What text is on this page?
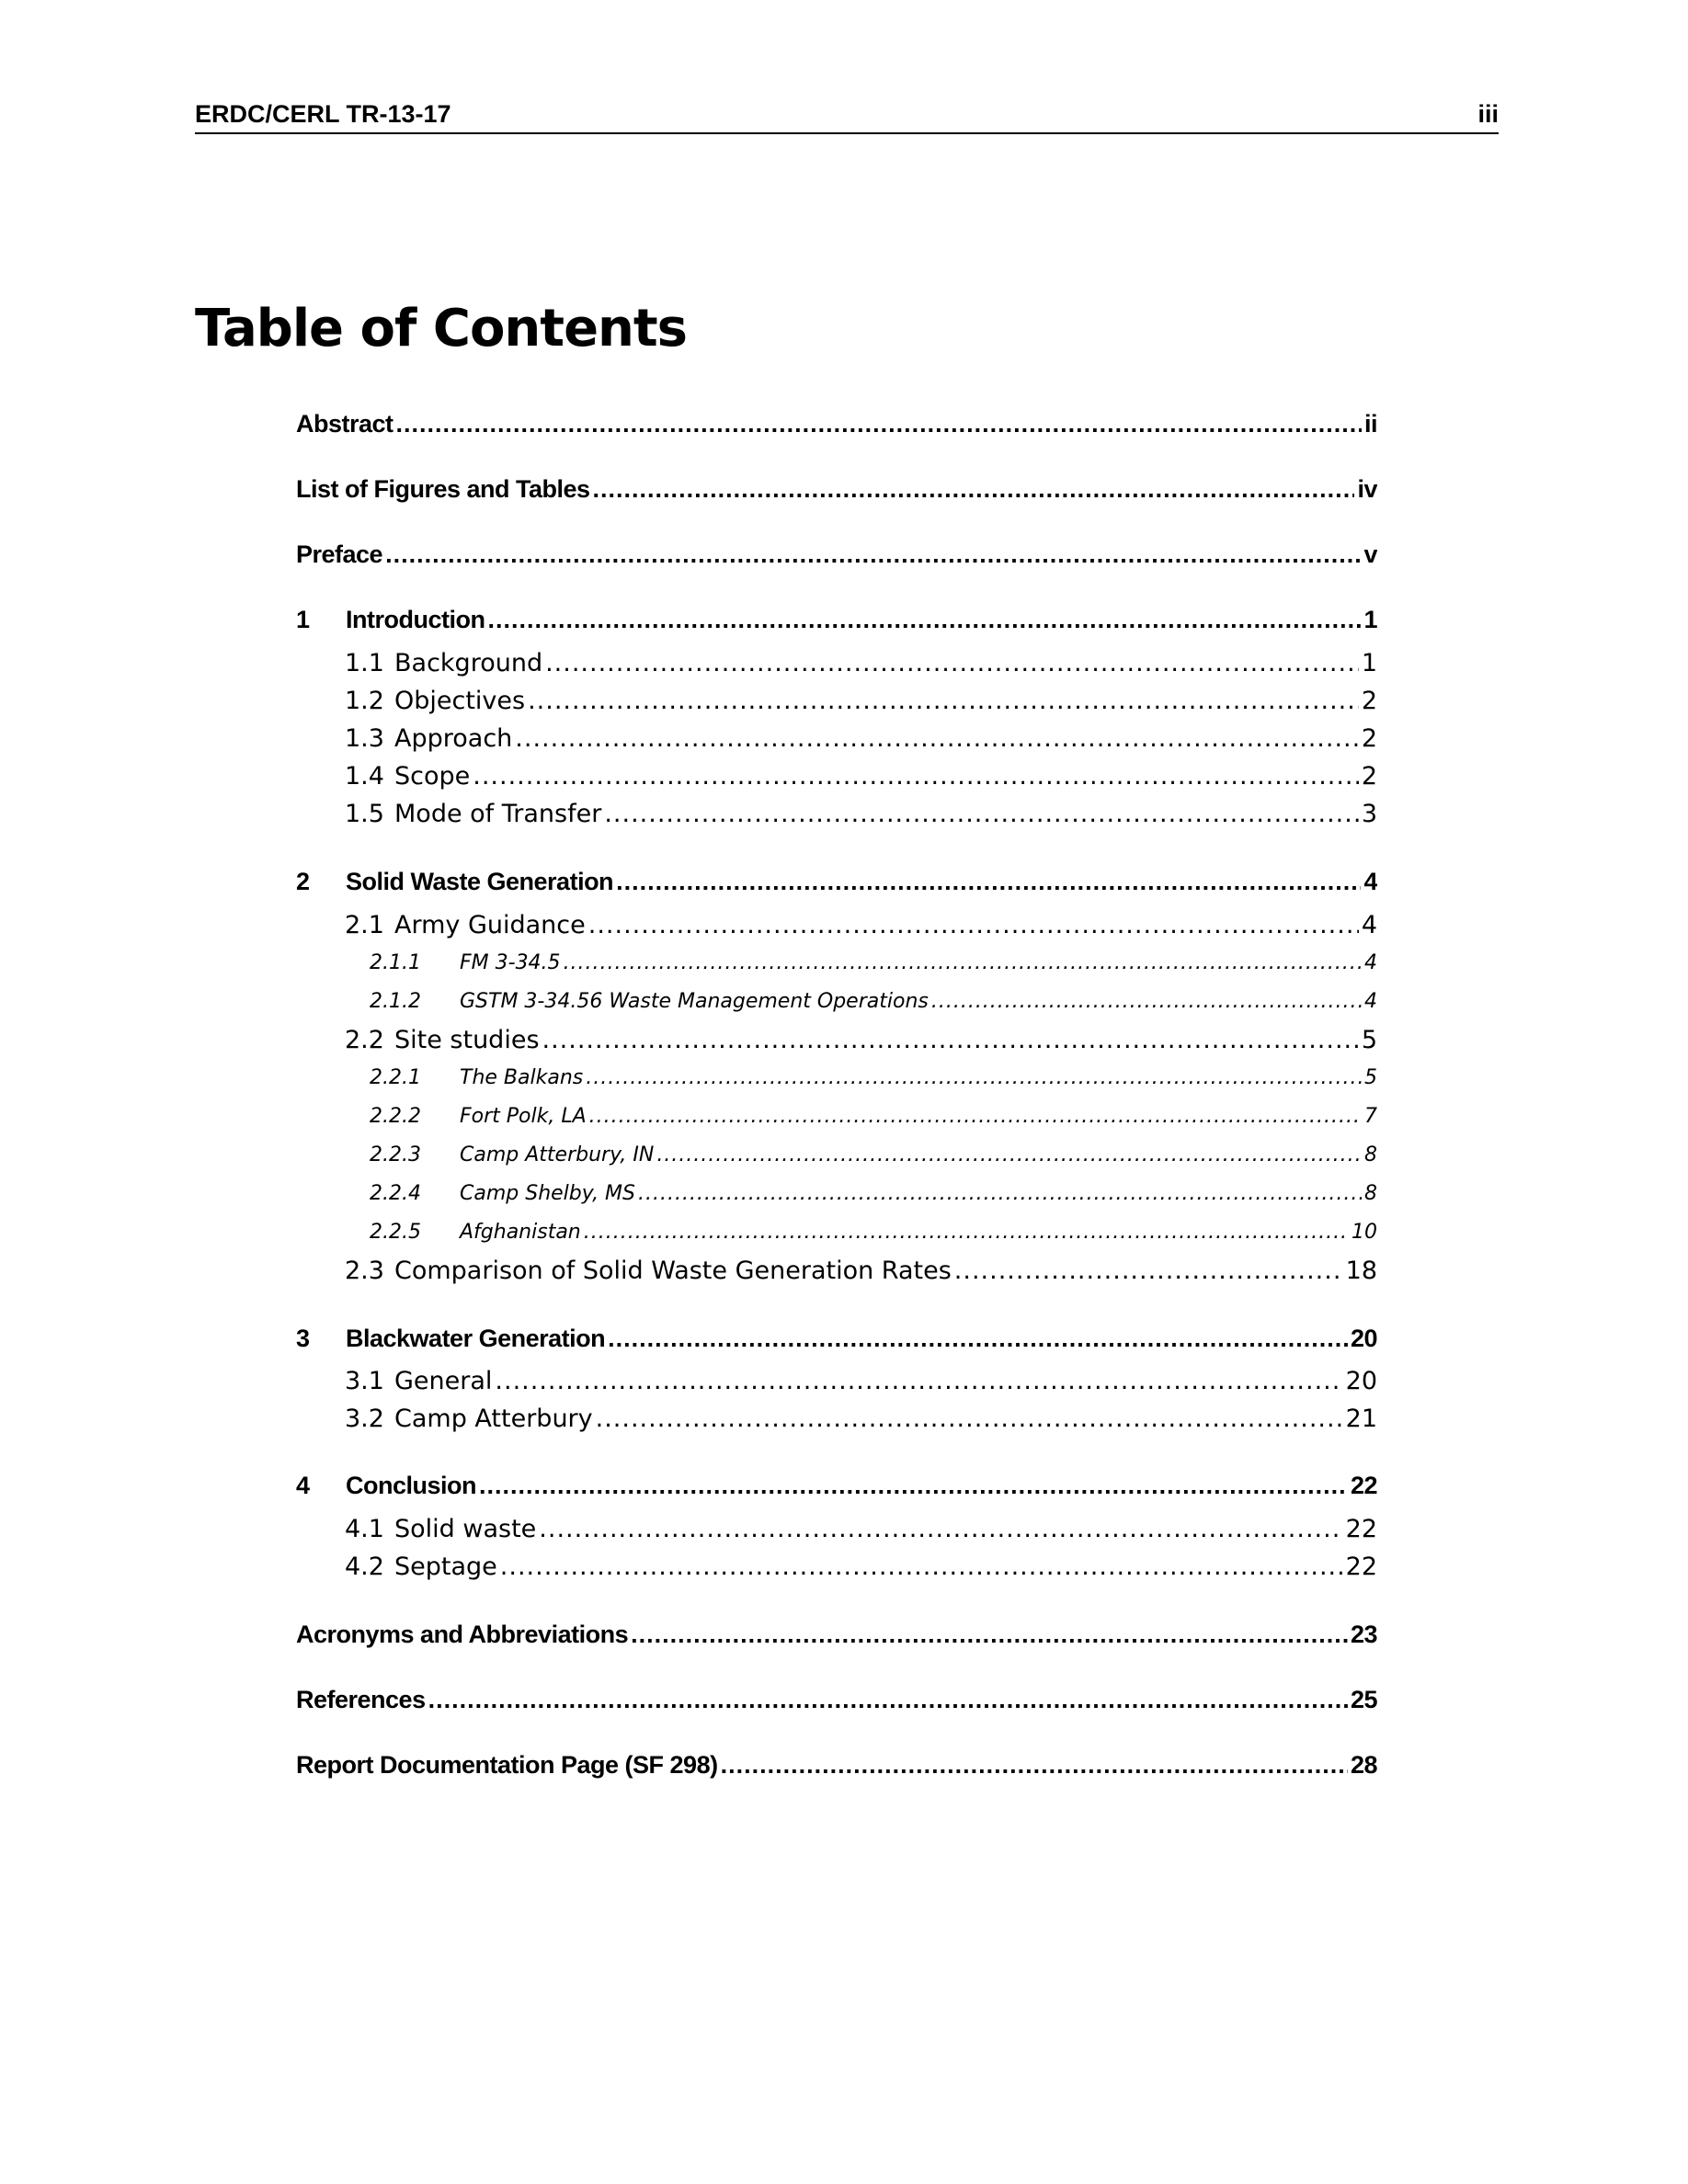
ERDC/CERL TR-13-17	iii
Table of Contents
Abstract .....	ii
List of Figures and Tables .....	iv
Preface .....	v
1	Introduction .....	1
1.1 Background .....	1
1.2 Objectives .....	2
1.3 Approach .....	2
1.4 Scope .....	2
1.5 Mode of Transfer .....	3
2	Solid Waste Generation .....	4
2.1 Army Guidance .....	4
2.1.1	FM 3-34.5 .....	4
2.1.2	GSTM 3-34.56 Waste Management Operations .....	4
2.2 Site studies .....	5
2.2.1	The Balkans .....	5
2.2.2	Fort Polk, LA .....	7
2.2.3	Camp Atterbury, IN .....	8
2.2.4	Camp Shelby, MS .....	8
2.2.5	Afghanistan .....	10
2.3 Comparison of Solid Waste Generation Rates .....	18
3	Blackwater Generation .....	20
3.1 General .....	20
3.2 Camp Atterbury .....	21
4	Conclusion .....	22
4.1 Solid waste .....	22
4.2 Septage .....	22
Acronyms and Abbreviations .....	23
References .....	25
Report Documentation Page (SF 298) .....	28
